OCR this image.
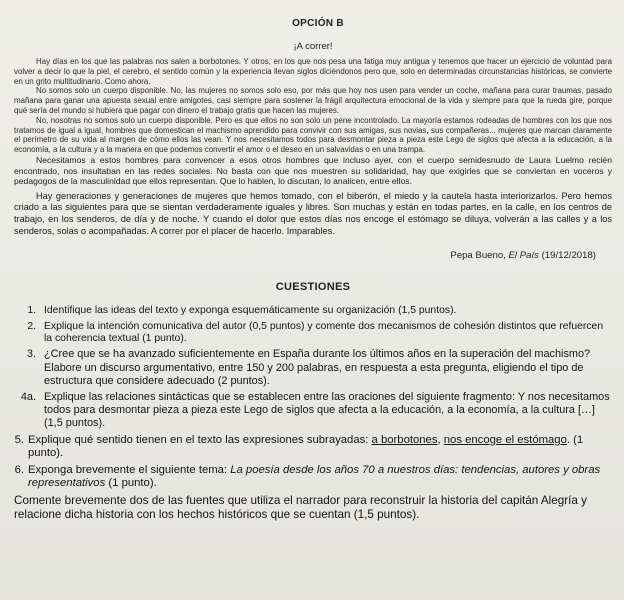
OPCIÓN B
¡A correr!

Hay días en los que las palabras nos salen a borbotones. Y otros, en los que nos pesa una fatiga muy antigua y tenemos que hacer un ejercicio de voluntad para volver a decir lo que la piel, el cerebro, el sentido común y la experiencia llevan siglos diciéndonos pero que, solo en determinadas circunstancias históricas, se convierte en un grito multitudinario. Como ahora.

No somos solo un cuerpo disponible. No, las mujeres no somos solo eso, por más que hoy nos usen para vender un coche, mañana para curar traumas, pasado mañana para ganar una apuesta sexual entre amigotes, casi siempre para sostener la frágil arquitectura emocional de la vida y siempre para que la rueda gire, porque qué sería del mundo si hubiera que pagar con dinero el trabajo gratis que hacen las mujeres.

No, nosotras no somos solo un cuerpo disponible. Pero es que ellos no son solo un pene incontrolado. La mayoría estamos rodeadas de hombres con los que nos tratamos de igual a igual, hombres que domestican el machismo aprendido para convivir con sus amigas, sus novias, sus compañeras... mujeres que marcan claramente el perímetro de su vida al margen de cómo ellos las vean. Y nos necesitamos todos para desmontar pieza a pieza este Lego de siglos que afecta a la educación, a la economía, a la cultura y a la manera en que podemos convertir el amor o el deseo en un salvavidas o en una trampa.

Necesitamos a estos hombres para convencer a esos otros hombres que incluso ayer, con el cuerpo semidesnudo de Laura Luelmo recién encontrado, nos insultaban en las redes sociales. No basta con que nos muestren su solidaridad, hay que exigirles que se conviertan en voceros y pedagogos de la masculinidad que ellos representan. Que lo hablen, lo discutan, lo analicen, entre ellos.

Hay generaciones y generaciones de mujeres que hemos tomado, con el biberón, el miedo y la cautela hasta interiorizarlos. Pero hemos criado a las siguientes para que se sientan verdaderamente iguales y libres. Son muchas y están en todas partes, en la calle, en los centros de trabajo, en los senderos, de día y de noche. Y cuando el dolor que estos días nos encoge el estómago se diluya, volverán a las calles y a los senderos, solas o acompañadas. A correr por el placer de hacerlo. Imparables.

Pepa Bueno, El País (19/12/2018)
CUESTIONES
1. Identifique las ideas del texto y exponga esquemáticamente su organización (1,5 puntos).
2. Explique la intención comunicativa del autor (0,5 puntos) y comente dos mecanismos de cohesión distintos que refuercen la coherencia textual (1 punto).
3. ¿Cree que se ha avanzado suficientemente en España durante los últimos años en la superación del machismo? Elabore un discurso argumentativo, entre 150 y 200 palabras, en respuesta a esta pregunta, eligiendo el tipo de estructura que considere adecuado (2 puntos).
4a. Explique las relaciones sintácticas que se establecen entre las oraciones del siguiente fragmento: Y nos necesitamos todos para desmontar pieza a pieza este Lego de siglos que afecta a la educación, a la economía, a la cultura […] (1,5 puntos).
5. Explique qué sentido tienen en el texto las expresiones subrayadas: a borbotones, nos encoge el estómago. (1 punto).
6. Exponga brevemente el siguiente tema: La poesía desde los años 70 a nuestros días: tendencias, autores y obras representativos (1 punto).
Comente brevemente dos de las fuentes que utiliza el narrador para reconstruir la historia del capitán Alegría y relacione dicha historia con los hechos históricos que se cuentan (1,5 puntos).
